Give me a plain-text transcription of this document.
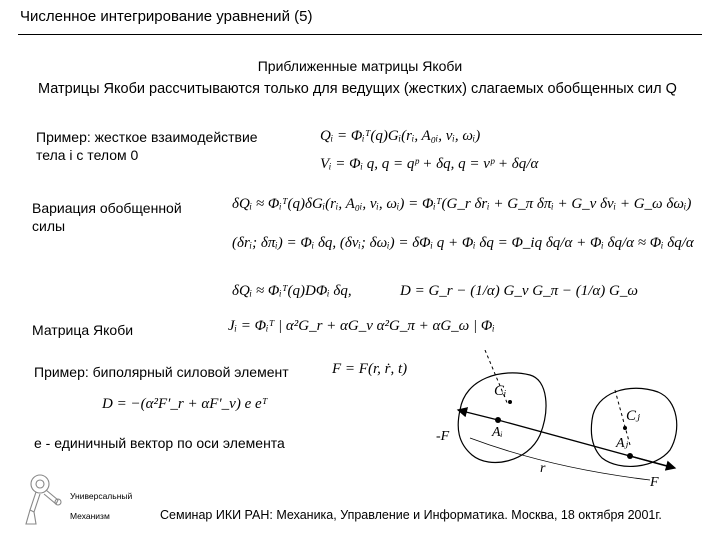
Численное интегрирование уравнений (5)
Приближенные матрицы Якоби
Матрицы Якоби рассчитываются только для ведущих (жестких) слагаемых обобщенных сил Q
Пример: жесткое взаимодействие
тела i с телом 0
Qᵢ = Φᵢᵀ(q)Gᵢ(rᵢ, A₀ᵢ, vᵢ, ωᵢ)
Vᵢ = Φᵢ q, q = qᵖ + δq, q = vᵖ + δq/α
Вариация обобщенной
силы
δQᵢ ≈ Φᵢᵀ(q)δGᵢ(rᵢ, A₀ᵢ, vᵢ, ωᵢ) = Φᵢᵀ(G_r δrᵢ + G_π δπᵢ + G_v δvᵢ + G_ω δωᵢ)
(δrᵢ; δπᵢ) = Φᵢ δq, (δvᵢ; δωᵢ) = δΦᵢ q + Φᵢ δq = Φ_iq δq/α + Φᵢ δq/α ≈ Φᵢ δq/α
δQᵢ ≈ Φᵢᵀ(q)DΦᵢ δq,	D = G_r − (1/α) G_v G_π − (1/α) G_ω
Матрица Якоби	Jᵢ = Φᵢᵀ | α²G_r + αG_v α²G_π + αG_ω | Φᵢ
Пример: биполярный силовой элемент	F = F(r, ṙ, t)
D = −(α²F′_r + αF′_v) e eᵀ
e - единичный вектор по оси элемента
Cᵢ
Aᵢ
-F
Cⱼ
Aⱼ
r
F
Универсальный
Механизм	Семинар ИКИ РАН: Механика, Управление и Информатика. Москва, 18 октября 2001г.
